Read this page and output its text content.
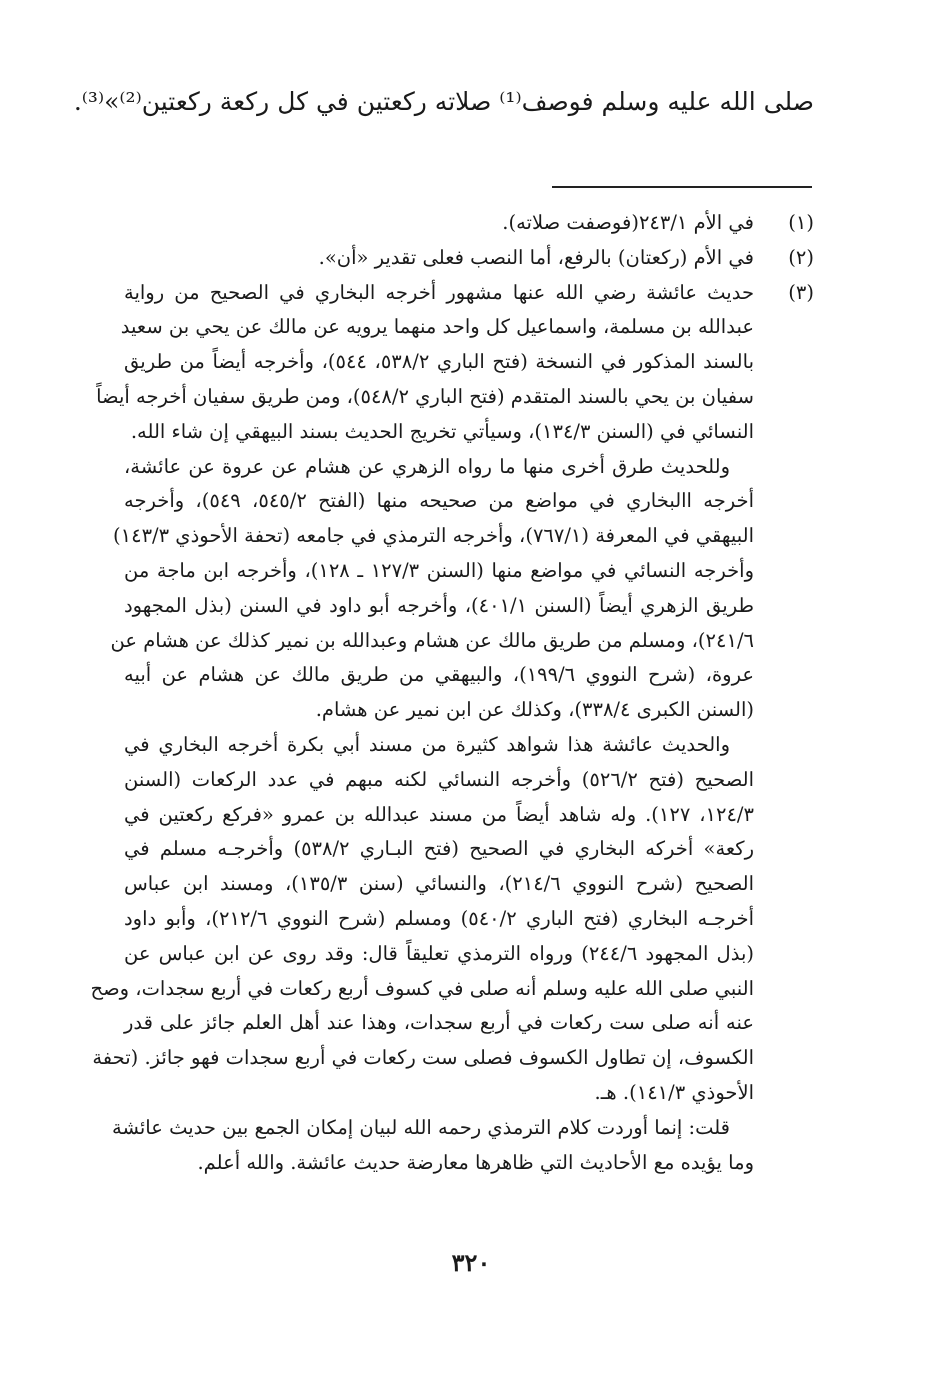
صلى الله عليه وسلم فوصف⁽¹⁾ صلاته ركعتين في كل ركعة ركعتين⁽²⁾»⁽³⁾.

(١)
في الأم ٢٤٣/١(فوصفت صلاته).
(٢)
في الأم (ركعتان) بالرفع، أما النصب فعلى تقدير «أن».
(٣)
حديث عائشة رضي الله عنها مشهور أخرجه البخاري في الصحيح من رواية
عبدالله بن مسلمة، واسماعيل كل واحد منهما يرويه عن مالك عن يحي بن سعيد
بالسند المذكور في النسخة (فتح الباري ٥٣٨/٢، ٥٤٤)، وأخرجه أيضاً من طريق
سفيان بن يحي بالسند المتقدم (فتح الباري ٥٤٨/٢)، ومن طريق سفيان أخرجه أيضاً
النسائي في (السنن ١٣٤/٣)، وسيأتي تخريج الحديث بسند البيهقي إن شاء الله.
وللحديث طرق أخرى منها ما رواه الزهري عن هشام عن عروة عن عائشة،
أخرجه االبخاري في مواضع من صحيحه منها (الفتح ٥٤٥/٢، ٥٤٩)، وأخرجه
البيهقي في المعرفة (٧٦٧/١)، وأخرجه الترمذي في جامعه (تحفة الأحوذي ١٤٣/٣)
وأخرجه النسائي في مواضع منها (السنن ١٢٧/٣ ـ ١٢٨)، وأخرجه ابن ماجة من
طريق الزهري أيضاً (السنن ٤٠١/١)، وأخرجه أبو داود في السنن (بذل المجهود
٢٤١/٦)، ومسلم من طريق مالك عن هشام وعبدالله بن نمير كذلك عن هشام عن
عروة، (شرح النووي ١٩٩/٦)، والبيهقي من طريق مالك عن هشام عن أبيه
(السنن الكبرى ٣٣٨/٤)، وكذلك عن ابن نمير عن هشام.
والحديث عائشة هذا شواهد كثيرة من مسند أبي بكرة أخرجه البخاري في
الصحيح (فتح ٥٢٦/٢) وأخرجه النسائي لكنه مبهم في عدد الركعات (السنن
١٢٤/٣، ١٢٧). وله شاهد أيضاً من مسند عبدالله بن عمرو «فركع ركعتين في
ركعة» أخركه البخاري في الصحيح (فتح البـاري ٥٣٨/٢) وأخرجـه مسلم في
الصحيح (شرح النووي ٢١٤/٦)، والنسائي (سنن ١٣٥/٣)، ومسند ابن عباس
أخرجـه البخاري (فتح الباري ٥٤٠/٢) ومسلم (شرح النووي ٢١٢/٦)، وأبو داود
(بذل المجهود ٢٤٤/٦) ورواه الترمذي تعليقاً قال: وقد روى عن ابن عباس عن
النبي صلى الله عليه وسلم أنه صلى في كسوف أربع ركعات في أربع سجدات، وصح
عنه أنه صلى ست ركعات في أربع سجدات، وهذا عند أهل العلم جائز على قدر
الكسوف، إن تطاول الكسوف فصلى ست ركعات في أربع سجدات فهو جائز. (تحفة
الأحوذي ١٤١/٣). هـ.
قلت: إنما أوردت كلام الترمذي رحمه الله لبيان إمكان الجمع بين حديث عائشة
وما يؤيده مع الأحاديث التي ظاهرها معارضة حديث عائشة. والله أعلم.
٣٢٠
